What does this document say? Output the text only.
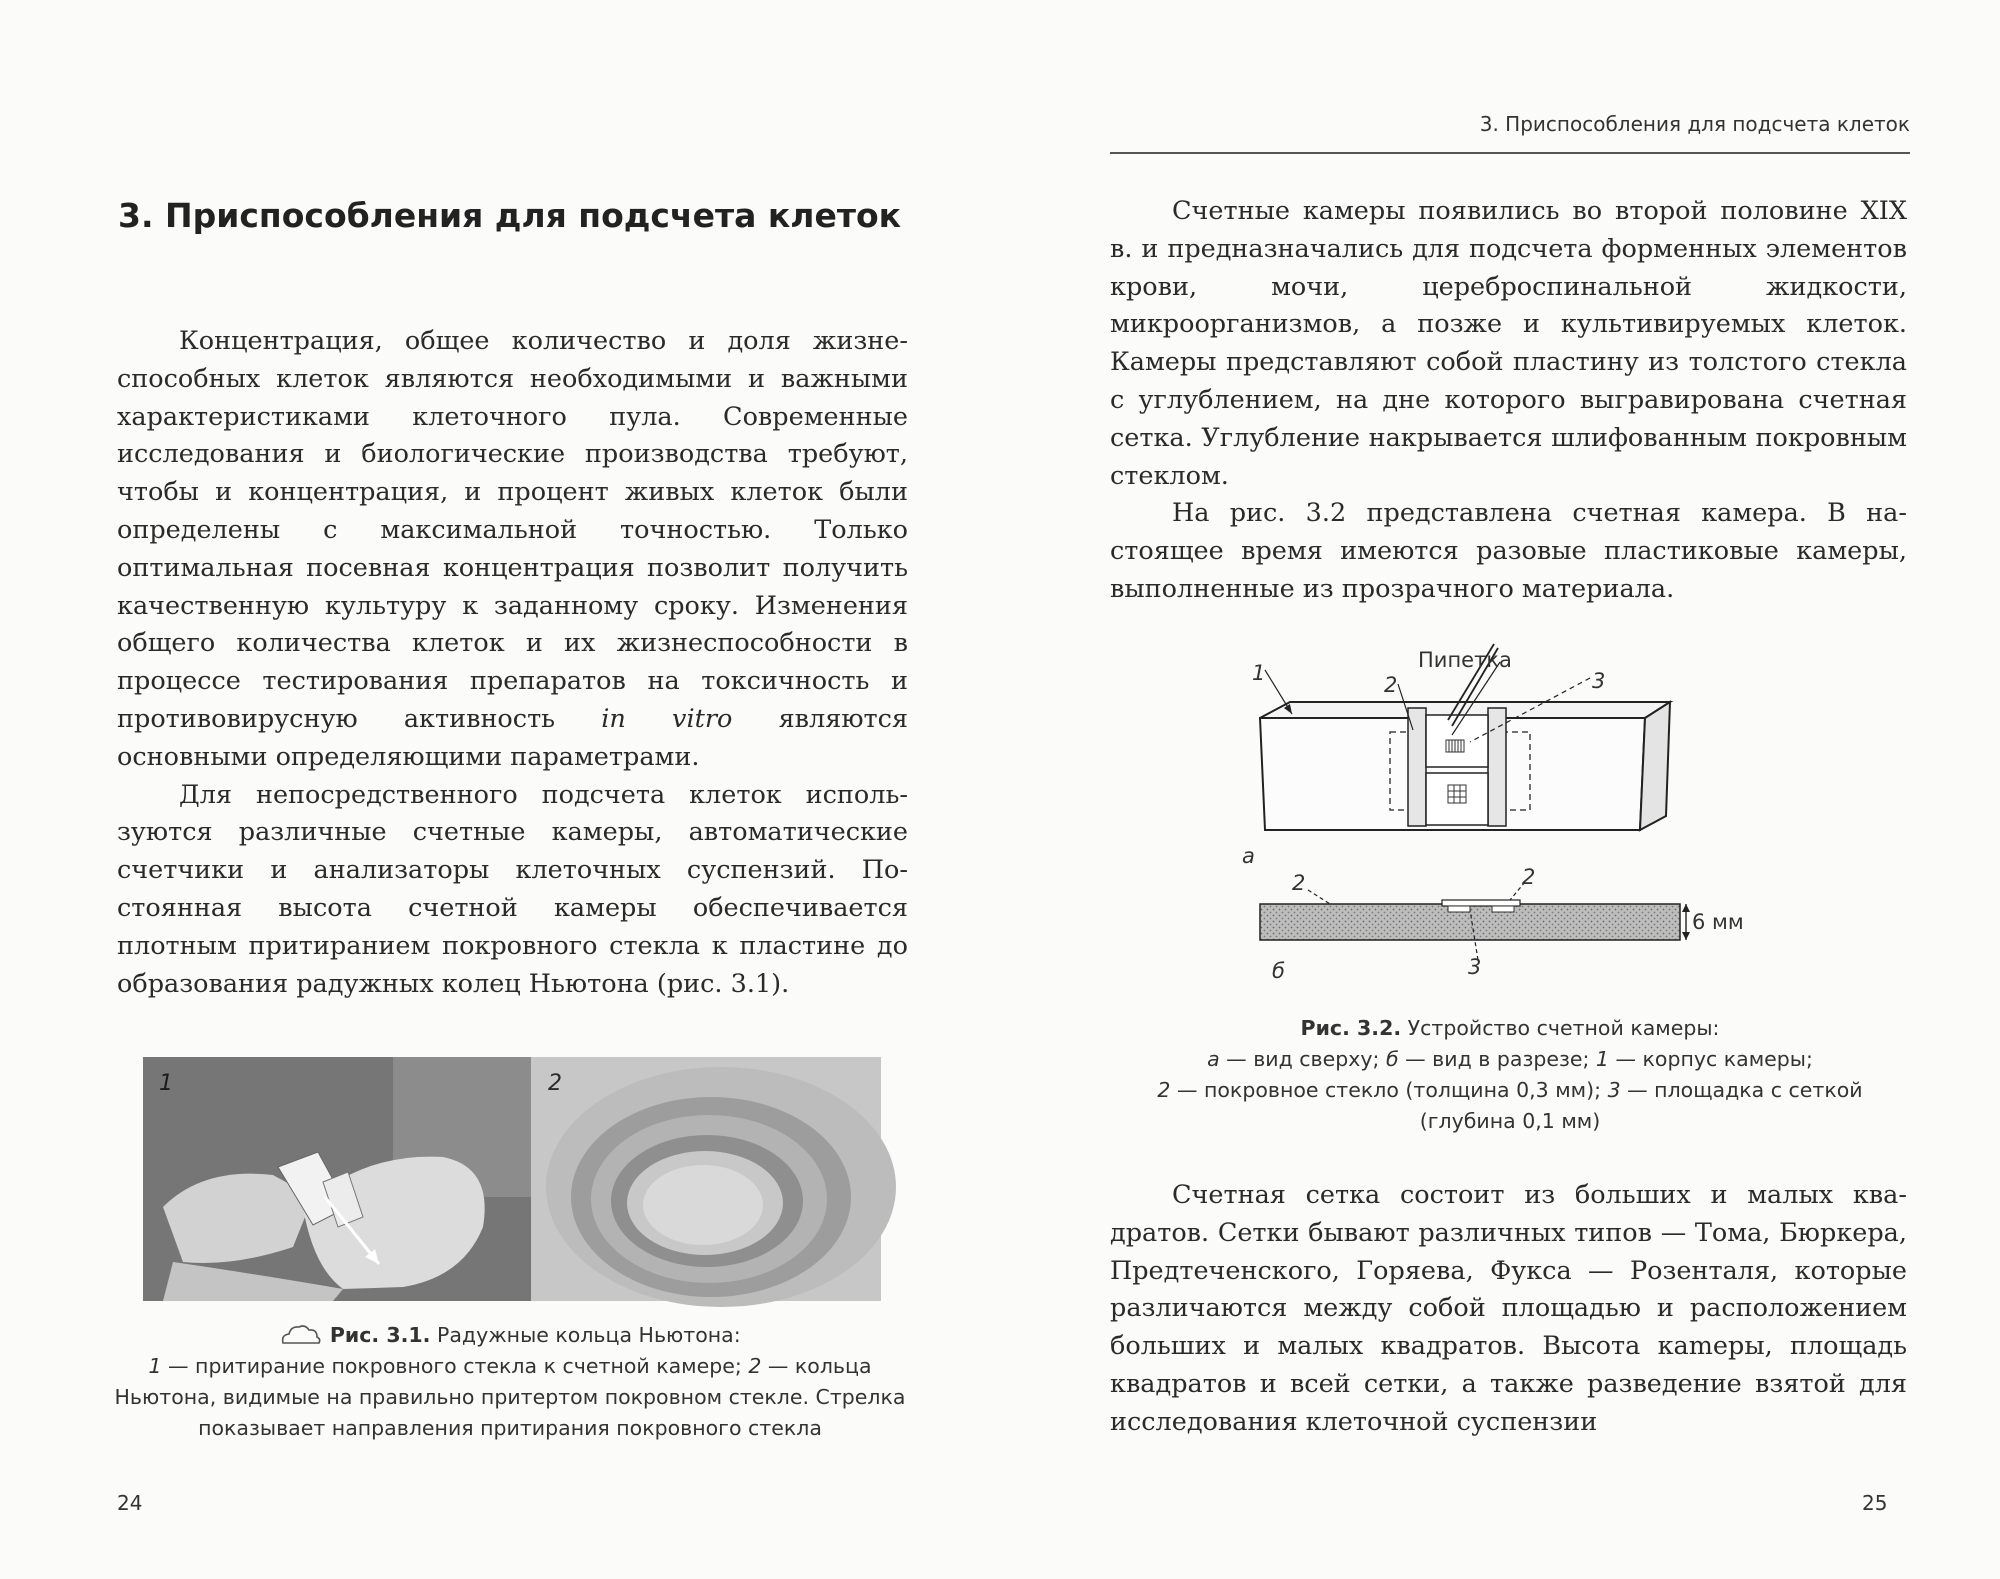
3. Приспособления для подсчета клеток

Концентрация, общее количество и доля жизнеспособных клеток являются необходимыми и важными характеристиками клеточного пула. Современные исследования и биологические производства требуют, чтобы и концентрация, и процент живых клеток были определены с максимальной точностью. Только оптимальная посевная концентрация позволит получить качественную культуру к заданному сроку. Изменения общего количества клеток и их жизнеспособности в процессе тестирования препаратов на токсичность и противовирусную активность in vitro являются основными определяющими параметрами.

Для непосредственного подсчета клеток используются различные счетные камеры, автоматические счетчики и анализаторы клеточных суспензий. Постоянная высота счетной камеры обеспечивается плотным притиранием покровного стекла к пластине до образования радужных колец Ньютона (рис. 3.1).

1	2
Рис. 3.1. Радужные кольца Ньютона:
1 — притирание покровного стекла к счетной камере; 2 — кольца Ньютона, видимые на правильно притертом покровном стекле. Стрелка показывает направления притирания покровного стекла
24
3. Приспособления для подсчета клеток

Счетные камеры появились во второй половине XIX в. и предназначались для подсчета форменных элементов крови, мочи, цереброспинальной жидкости, микроорганизмов, а позже и культивируемых клеток. Камеры представляют собой пластину из толстого стекла с углублением, на дне которого выгравирована счетная сетка. Углубление накрывается шлифованным покровным стеклом.

На рис. 3.2 представлена счетная камера. В настоящее время имеются разовые пластиковые камеры, выполненные из прозрачного материала.

Пипетка
1	2	3
а
2	2
3
6 мм
б
Рис. 3.2. Устройство счетной камеры:
а — вид сверху; б — вид в разрезе; 1 — корпус камеры;
2 — покровное стекло (толщина 0,3 мм); 3 — площадка с сеткой (глубина 0,1 мм)

Счетная сетка состоит из больших и малых квадратов. Сетки бывают различных типов — Тома, Бюркера, Предтеченского, Горяева, Фукса — Розенталя, которые различаются между собой площадью и расположением больших и малых квадратов. Высота каmеры, площадь квадратов и всей сетки, а также разведение взятой для исследования клеточной суспензии

25
